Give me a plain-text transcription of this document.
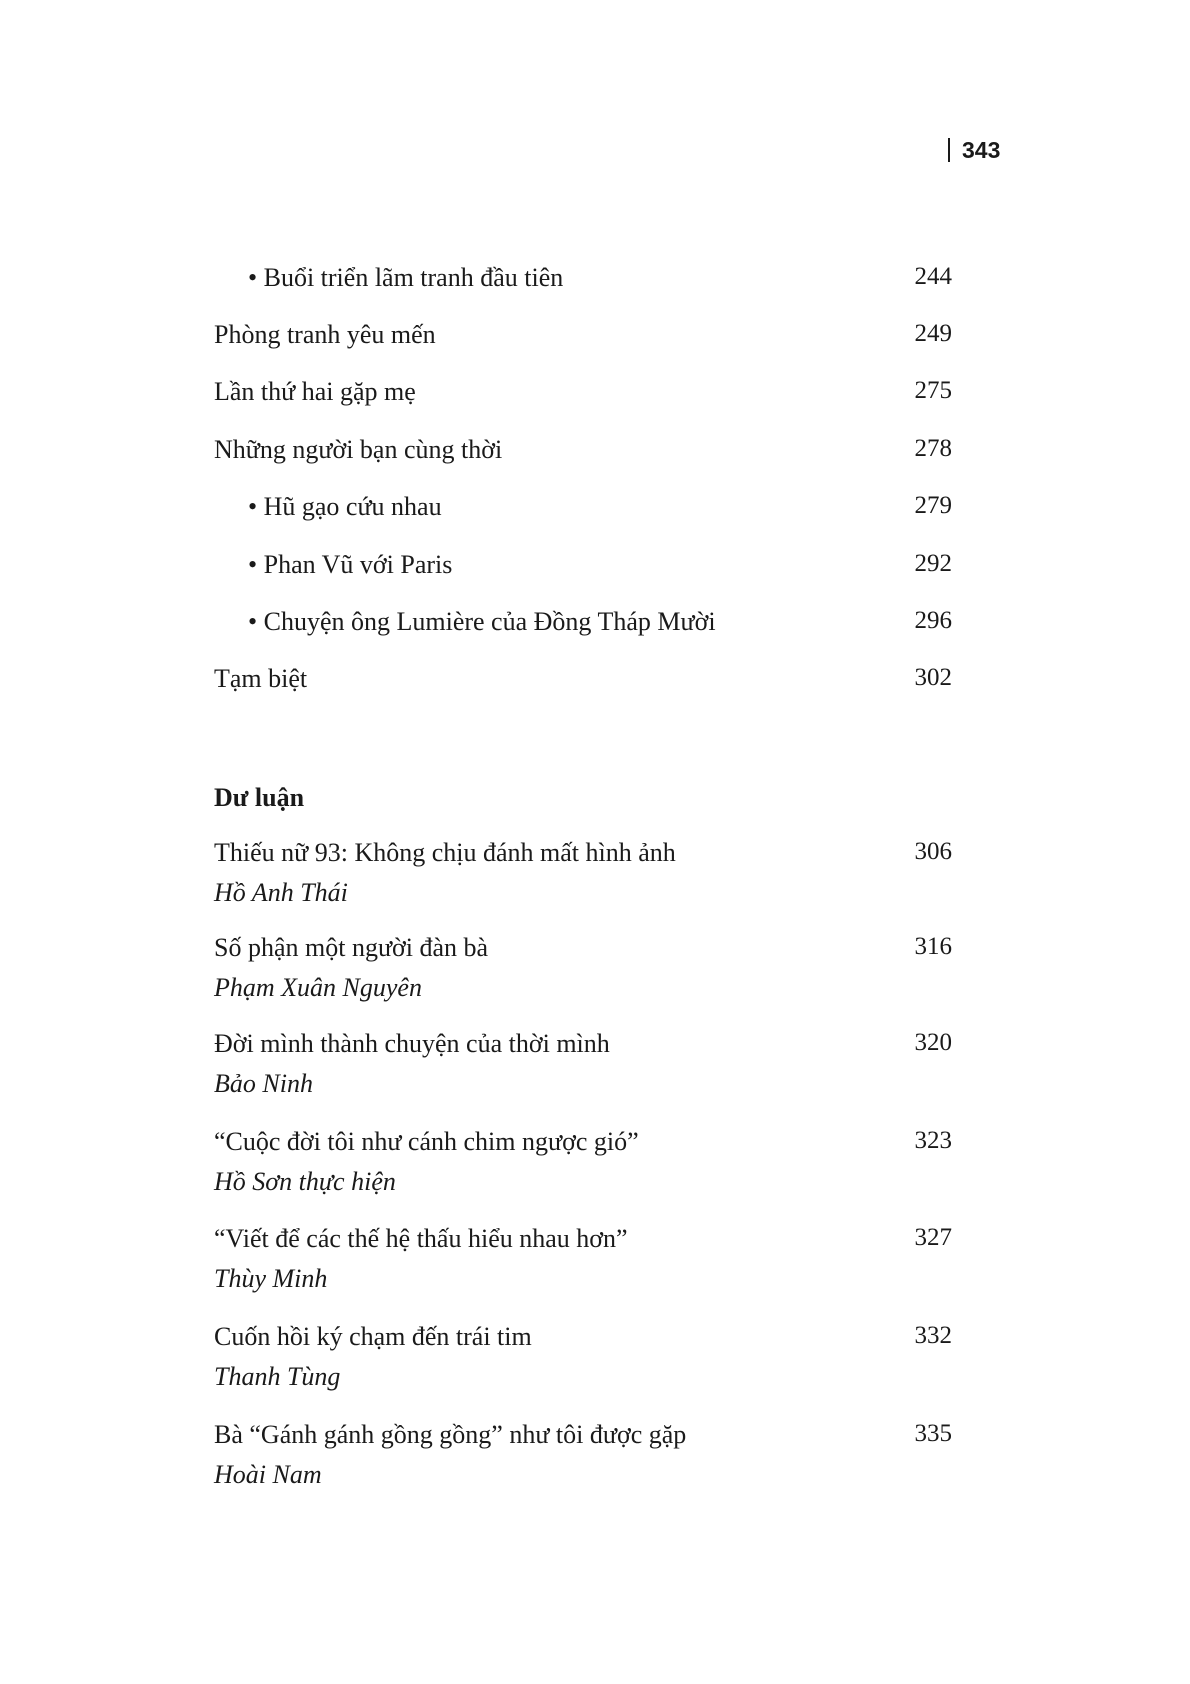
343
• Buổi triển lãm tranh đầu tiên	244
Phòng tranh yêu mến	249
Lần thứ hai gặp mẹ	275
Những người bạn cùng thời	278
• Hũ gạo cứu nhau	279
• Phan Vũ với Paris	292
• Chuyện ông Lumière của Đồng Tháp Mười	296
Tạm biệt	302
Dư luận
Thiếu nữ 93: Không chịu đánh mất hình ảnh	306
Hồ Anh Thái
Số phận một người đàn bà	316
Phạm Xuân Nguyên
Đời mình thành chuyện của thời mình	320
Bảo Ninh
“Cuộc đời tôi như cánh chim ngược gió”	323
Hồ Sơn thực hiện
“Viết để các thế hệ thấu hiểu nhau hơn”	327
Thùy Minh
Cuốn hồi ký chạm đến trái tim	332
Thanh Tùng
Bà “Gánh gánh gồng gồng” như tôi được gặp	335
Hoài Nam
